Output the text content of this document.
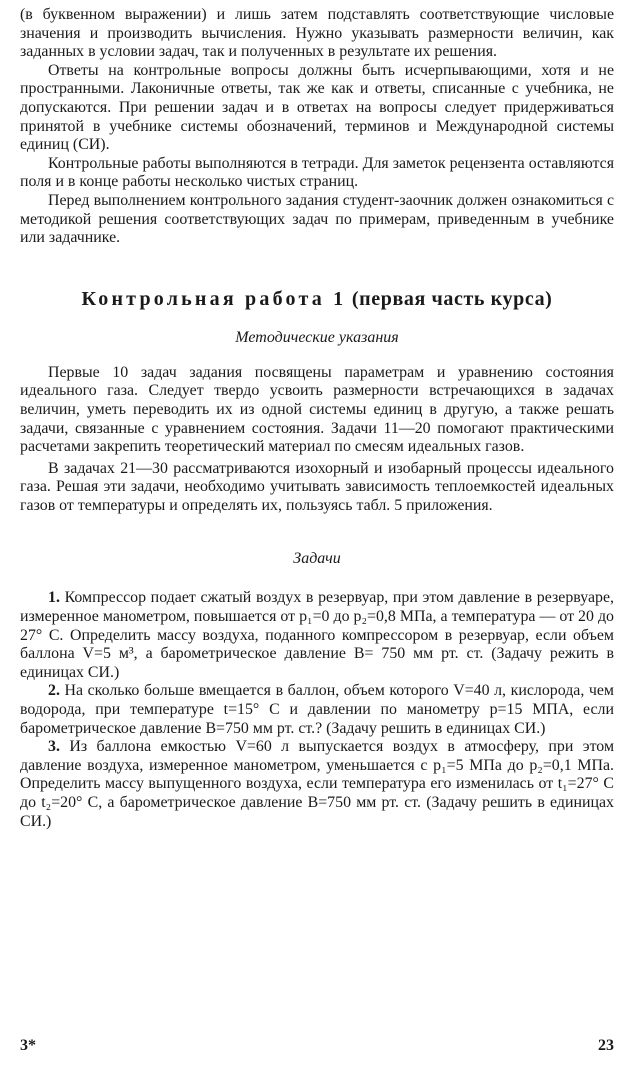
(в буквенном выражении) и лишь затем подставлять соответствующие числовые значения и производить вычисления. Нужно указывать размерности величин, как заданных в условии задач, так и полученных в результате их решения.

Ответы на контрольные вопросы должны быть исчерпывающими, хотя и не пространными. Лаконичные ответы, так же как и ответы, списанные с учебника, не допускаются. При решении задач и в ответах на вопросы следует придерживаться принятой в учебнике системы обозначений, терминов и Международной системы единиц (СИ).

Контрольные работы выполняются в тетради. Для заметок рецензента оставляются поля и в конце работы несколько чистых страниц.

Перед выполнением контрольного задания студент-заочник должен ознакомиться с методикой решения соответствующих задач по примерам, приведенным в учебнике или задачнике.

Контрольная работа 1 (первая часть курса)
Методические указания

Первые 10 задач задания посвящены параметрам и уравнению состояния идеального газа. Следует твердо усвоить размерности встречающихся в задачах величин, уметь переводить их из одной системы единиц в другую, а также решать задачи, связанные с уравнением состояния. Задачи 11—20 помогают практическими расчетами закрепить теоретический материал по смесям идеальных газов.

В задачах 21—30 рассматриваются изохорный и изобарный процессы идеального газа. Решая эти задачи, необходимо учитывать зависимость теплоемкостей идеальных газов от температуры и определять их, пользуясь табл. 5 приложения.

Задачи

1. Компрессор подает сжатый воздух в резервуар, при этом давление в резервуаре, измеренное манометром, повышается от p₁=0 до p₂=0,8 МПа, а температура — от 20 до 27° С. Определить массу воздуха, поданного компрессором в резервуар, если объем баллона V=5 м³, а барометрическое давление B= 750 мм рт. ст. (Задачу режить в единицах СИ.)

2. На сколько больше вмещается в баллон, объем которого V=40 л, кислорода, чем водорода, при температуре t=15° С и давлении по манометру p=15 МПА, если барометрическое давление B=750 мм рт. ст.? (Задачу решить в единицах СИ.)

3. Из баллона емкостью V=60 л выпускается воздух в атмосферу, при этом давление воздуха, измеренное манометром, уменьшается с p₁=5 МПа до p₂=0,1 МПа. Определить массу выпущенного воздуха, если температура его изменилась от t₁=27° С до t₂=20° С, а барометрическое давление B=750 мм рт. ст. (Задачу решить в единицах СИ.)

3*	23
